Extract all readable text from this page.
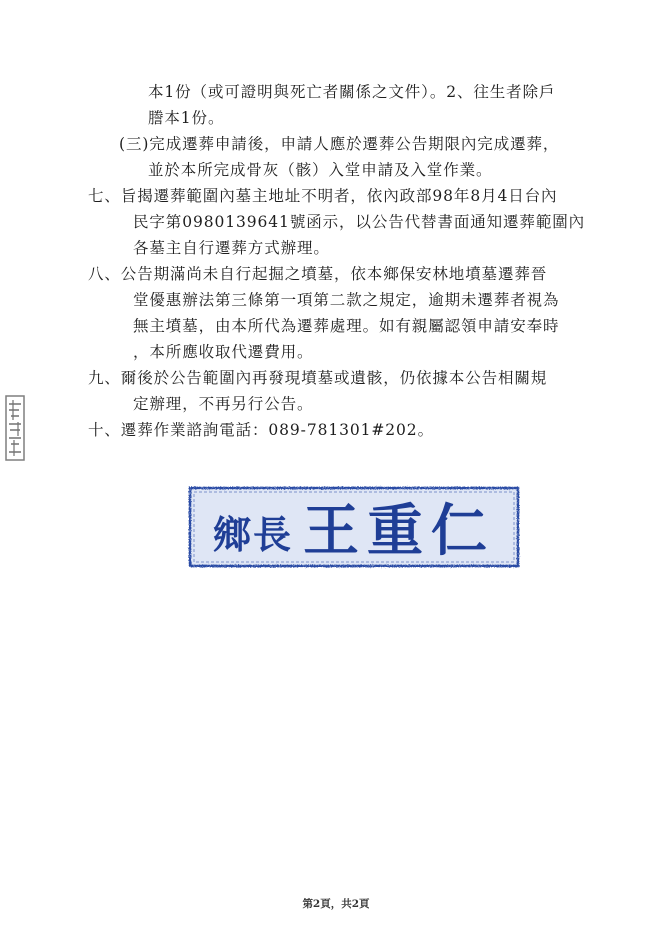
本1份（或可證明與死亡者關係之文件）。2、往生者除戶
謄本1份。
(三)完成遷葬申請後，申請人應於遷葬公告期限內完成遷葬，
並於本所完成骨灰（骸）入堂申請及入堂作業。
七、旨揭遷葬範圍內墓主地址不明者，依內政部98年8月4日台內
民字第0980139641號函示，以公告代替書面通知遷葬範圍內
各墓主自行遷葬方式辦理。
八、公告期滿尚未自行起掘之墳墓，依本鄉保安林地墳墓遷葬晉
堂優惠辦法第三條第一項第二款之規定，逾期未遷葬者視為
無主墳墓，由本所代為遷葬處理。如有親屬認領申請安奉時
，本所應收取代遷費用。
九、爾後於公告範圍內再發現墳墓或遺骸，仍依據本公告相關規
定辦理，不再另行公告。
十、遷葬作業諮詢電話：089-781301#202。
鄉長 王重仁
第2頁，共2頁
